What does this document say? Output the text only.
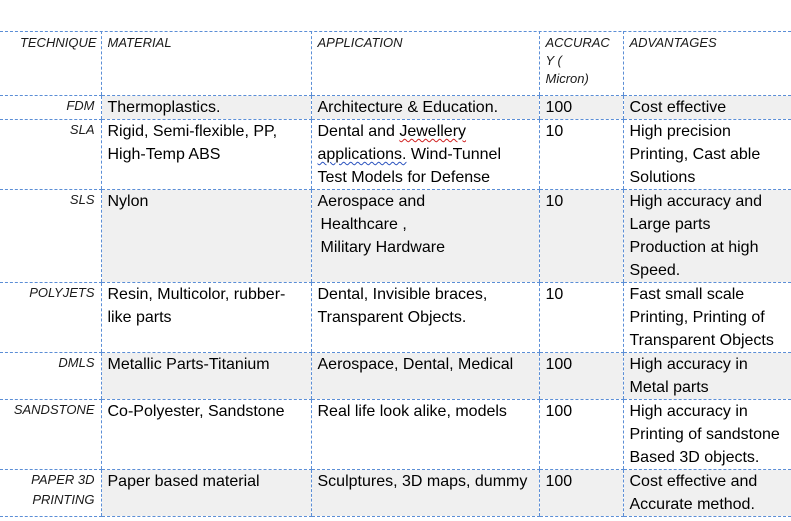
TECHNIQUE	MATERIAL	APPLICATION	ACCURAC
Y (
Micron)	ADVANTAGES
FDM	Thermoplastics.	Architecture & Education.	100	Cost effective
SLA	Rigid, Semi-flexible, PP, High-Temp ABS	Dental and Jewellery applications. Wind-Tunnel Test Models for Defense	10	High precision Printing, Cast able Solutions
SLS	Nylon	Aerospace and
Healthcare ,
Military Hardware	10	High accuracy and Large parts Production at high Speed.
POLYJETS	Resin, Multicolor, rubber-like parts	Dental, Invisible braces, Transparent Objects.	10	Fast small scale Printing, Printing of Transparent Objects
DMLS	Metallic Parts-Titanium	Aerospace, Dental, Medical	100	High accuracy in Metal parts
SANDSTONE	Co-Polyester, Sandstone	Real life look alike, models	100	High accuracy in Printing of sandstone Based 3D objects.
PAPER 3D PRINTING	Paper based material	Sculptures, 3D maps, dummy	100	Cost effective and Accurate method.
